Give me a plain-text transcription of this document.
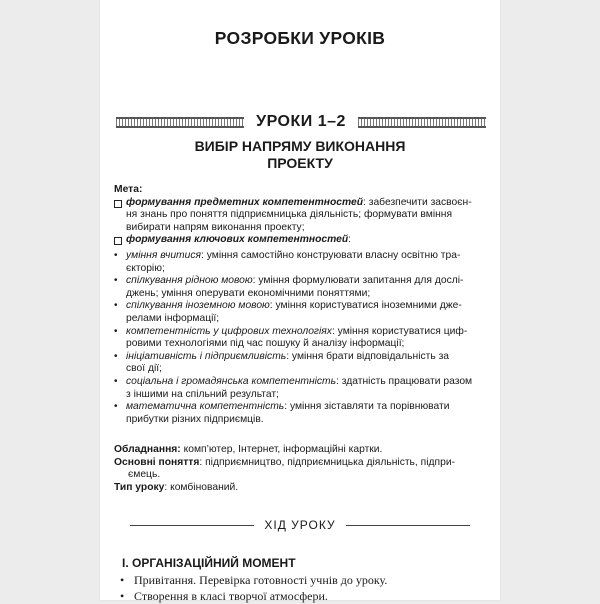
РОЗРОБКИ УРОКІВ
УРОКИ 1–2
ВИБІР НАПРЯМУ ВИКОНАННЯ
ПРОЕКТУ
Мета:
формування предметних компетентностей: забезпечити засвоєн-
ня знань про поняття підприємницька діяльність; формувати вміння
вибирати напрям виконання проекту;
формування ключових компетентностей:
• уміння вчитися: уміння самостійно конструювати власну освітню тра-
єкторію;
• спілкування рідною мовою: уміння формулювати запитання для дослі-
джень; уміння оперувати економічними поняттями;
• спілкування іноземною мовою: уміння користуватися іноземними дже-
релами інформації;
• компетентність у цифрових технологіях: уміння користуватися циф-
ровими технологіями під час пошуку й аналізу інформації;
• ініціативність і підприємливість: уміння брати відповідальність за
свої дії;
• соціальна і громадянська компетентність: здатність працювати разом
з іншими на спільний результат;
• математична компетентність: уміння зіставляти та порівнювати
прибутки різних підприємців.
Обладнання: комп’ютер, Інтернет, інформаційні картки.
Основні поняття: підприємництво, підприємницька діяльність, підпри-
ємець.
Тип уроку: комбінований.
ХІД УРОКУ
І. ОРГАНІЗАЦІЙНИЙ МОМЕНТ
• Привітання. Перевірка готовності учнів до уроку.
• Створення в класі творчої атмосфери.
